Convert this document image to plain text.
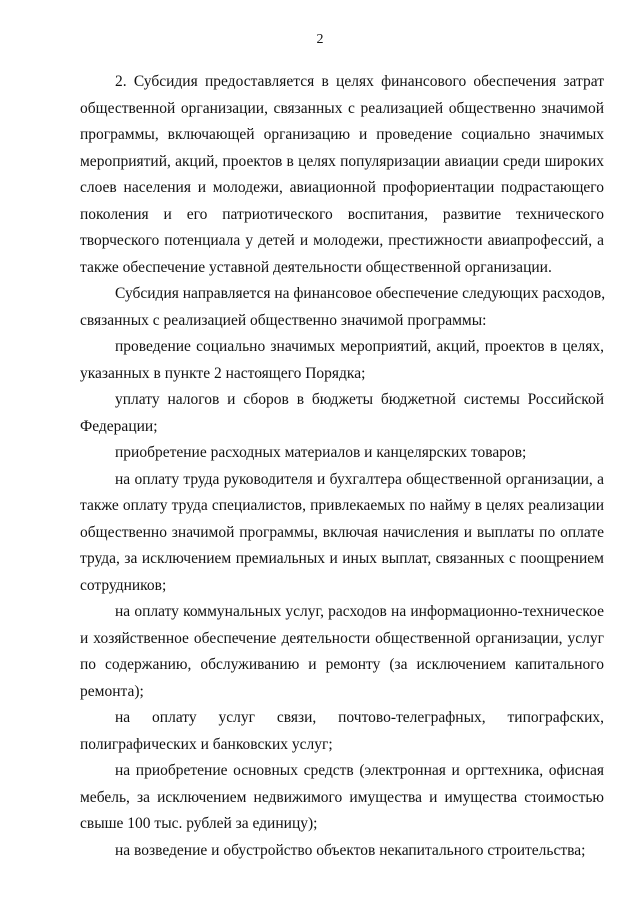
2
2. Субсидия предоставляется в целях финансового обеспечения затрат
общественной организации, связанных с реализацией общественно значимой
программы, включающей организацию и проведение социально значимых
мероприятий, акций, проектов в целях популяризации авиации среди широких
слоев населения и молодежи, авиационной профориентации подрастающего
поколения и его патриотического воспитания, развитие технического
творческого потенциала у детей и молодежи, престижности авиапрофессий, а
также обеспечение уставной деятельности общественной организации.
Субсидия направляется на финансовое обеспечение следующих расходов,
связанных с реализацией общественно значимой программы:
проведение социально значимых мероприятий, акций, проектов в целях,
указанных в пункте 2 настоящего Порядка;
уплату налогов и сборов в бюджеты бюджетной системы Российской
Федерации;
приобретение расходных материалов и канцелярских товаров;
на оплату труда руководителя и бухгалтера общественной организации, а
также оплату труда специалистов, привлекаемых по найму в целях реализации
общественно значимой программы, включая начисления и выплаты по оплате
труда, за исключением премиальных и иных выплат, связанных с поощрением
сотрудников;
на оплату коммунальных услуг, расходов на информационно-техническое
и хозяйственное обеспечение деятельности общественной организации, услуг
по содержанию, обслуживанию и ремонту (за исключением капитального
ремонта);
на оплату услуг связи, почтово-телеграфных, типографских,
полиграфических и банковских услуг;
на приобретение основных средств (электронная и оргтехника, офисная
мебель, за исключением недвижимого имущества и имущества стоимостью
свыше 100 тыс. рублей за единицу);
на возведение и обустройство объектов некапитального строительства;
